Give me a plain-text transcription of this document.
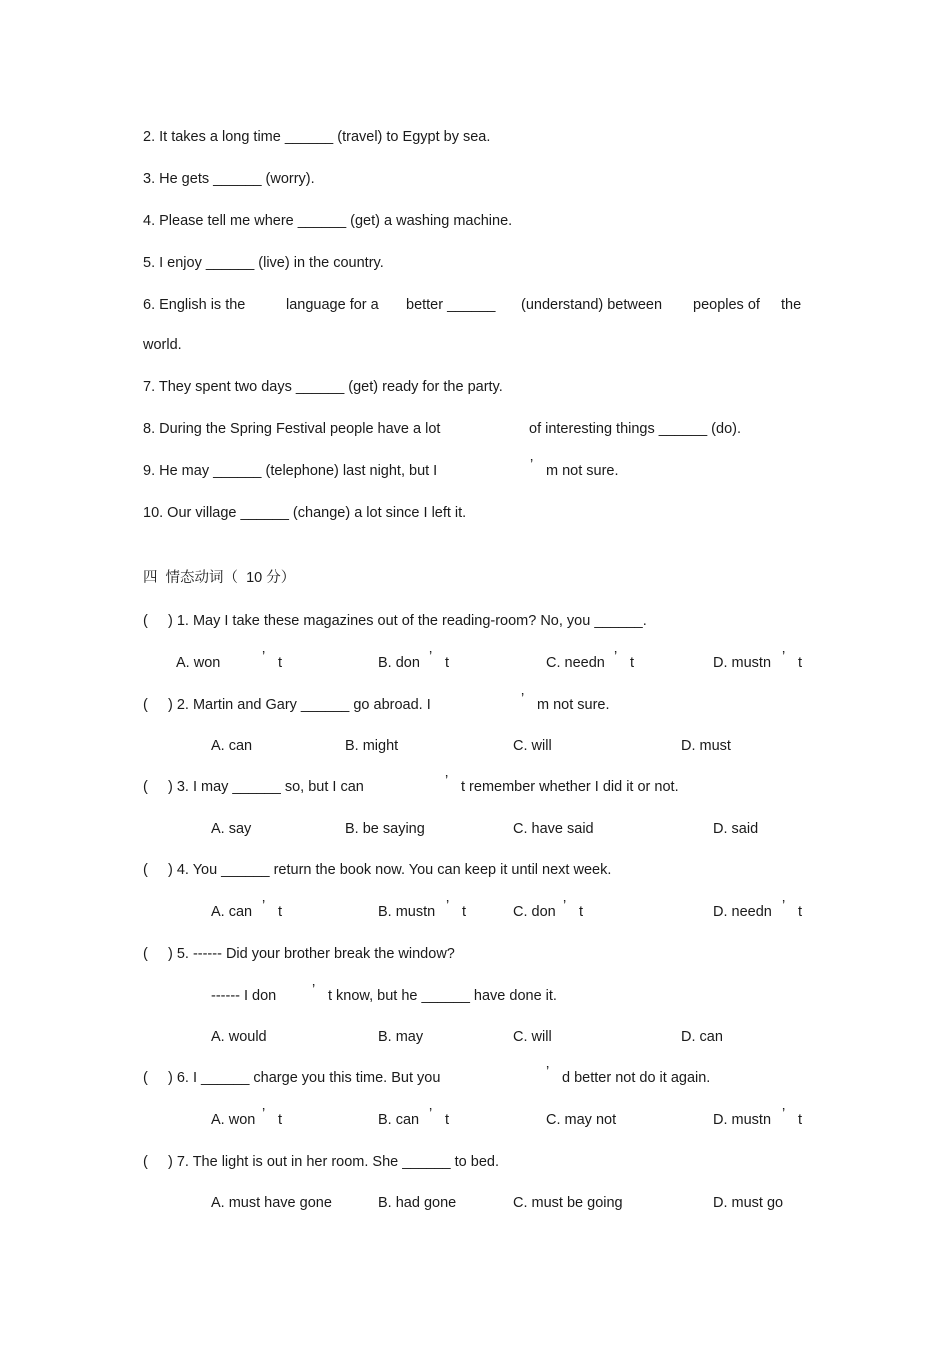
2. It takes a long time ______ (travel) to Egypt by sea.
3. He gets ______ (worry).
4. Please tell me where ______ (get) a washing machine.
5. I enjoy ______ (live) in the country.
6. English is the	language for a better ______ (understand) between peoples of the
world.
7. They spent two days ______ (get) ready for the party.
8. During the Spring Festival people have a lot	of interesting things ______ (do).
9. He may ______ (telephone) last night, but I	’ m not sure.
10. Our village ______ (change) a lot since I left it.
四  情态动词（  10 分）
(     ) 1. May I take these magazines out of the reading-room? No, you ______.
A. won	’ t	B. don ’ t	C. needn ’ t	D. mustn ’ t
(     ) 2. Martin and Gary ______ go abroad. I	’ m not sure.
A. can	B. might	C. will	D. must
(     ) 3. I may ______ so, but I can	’ t remember whether I did it or not.
A. say	B. be saying	C. have said	D. said
(     ) 4. You ______ return the book now. You can keep it until next week.
A. can ’ t	B. mustn ’ t	C. don ’ t	D. needn ’ t
(     ) 5. ------ Did your brother break the window?
------ I don ’ t know, but he ______ have done it.
A. would	B. may	C. will	D. can
(     ) 6. I ______ charge you this time. But you	’ d better not do it again.
A. won ’ t	B. can ’ t	C. may not	D. mustn ’ t
(     ) 7. The light is out in her room. She ______ to bed.
A. must have gone	B. had gone	C. must be going	D. must go
